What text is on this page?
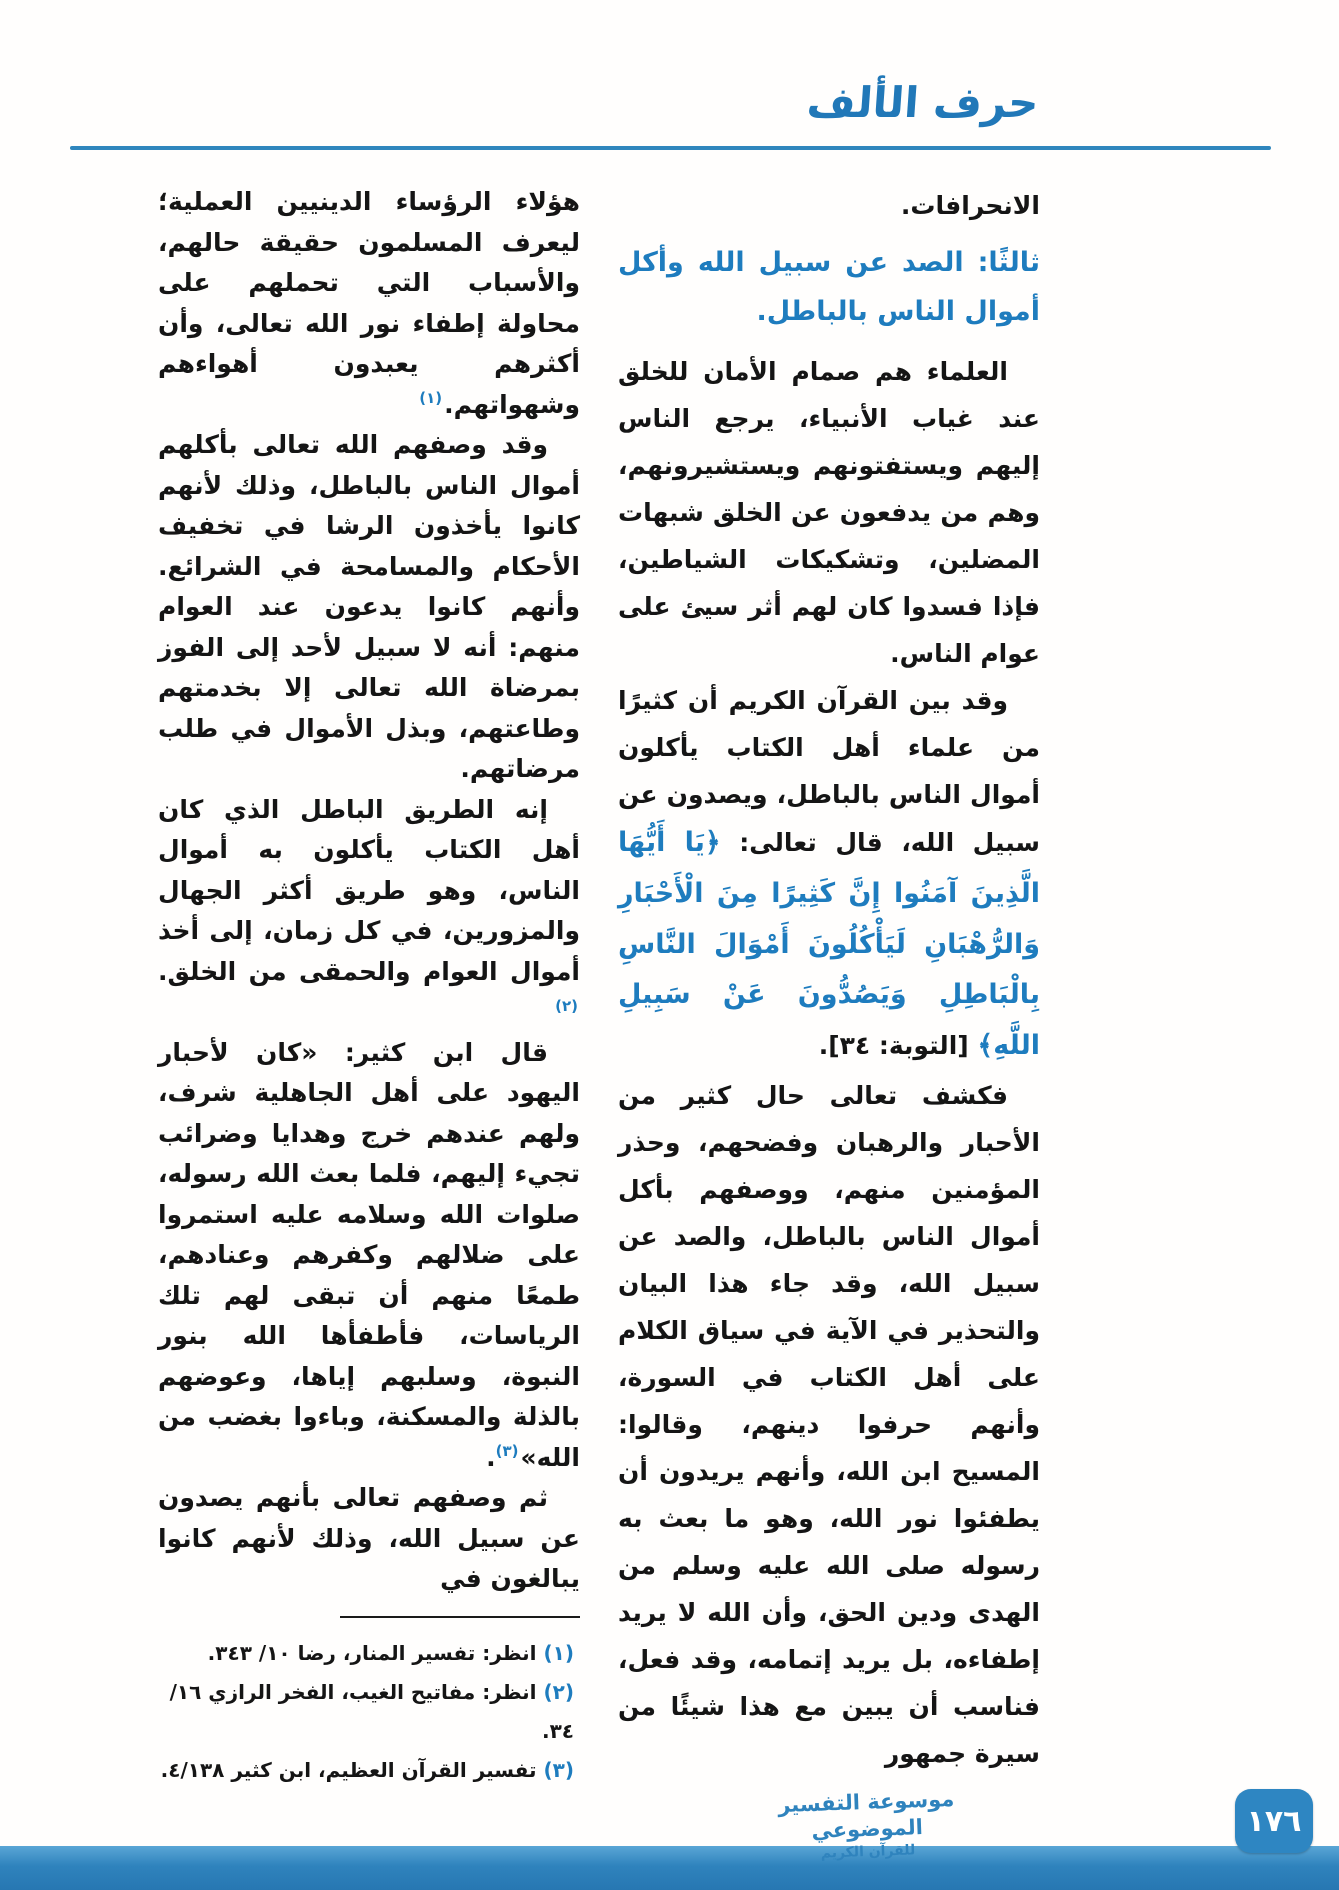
حرف الألف

الانحرافات.

ثالثًا: الصد عن سبيل الله وأكل أموال الناس بالباطل.

العلماء هم صمام الأمان للخلق عند غياب الأنبياء، يرجع الناس إليهم ويستفتونهم ويستشيرونهم، وهم من يدفعون عن الخلق شبهات المضلين، وتشكيكات الشياطين، فإذا فسدوا كان لهم أثر سيئ على عوام الناس.

وقد بين القرآن الكريم أن كثيرًا من علماء أهل الكتاب يأكلون أموال الناس بالباطل، ويصدون عن سبيل الله، قال تعالى: ﴿يَا أَيُّهَا الَّذِينَ آمَنُوا إِنَّ كَثِيرًا مِنَ الْأَحْبَارِ وَالرُّهْبَانِ لَيَأْكُلُونَ أَمْوَالَ النَّاسِ بِالْبَاطِلِ وَيَصُدُّونَ عَنْ سَبِيلِ اللَّهِ﴾ [التوبة: ٣٤].

فكشف تعالى حال كثير من الأحبار والرهبان وفضحهم، وحذر المؤمنين منهم، ووصفهم بأكل أموال الناس بالباطل، والصد عن سبيل الله، وقد جاء هذا البيان والتحذير في الآية في سياق الكلام على أهل الكتاب في السورة، وأنهم حرفوا دينهم، وقالوا: المسيح ابن الله، وأنهم يريدون أن يطفئوا نور الله، وهو ما بعث به رسوله صلى الله عليه وسلم من الهدى ودين الحق، وأن الله لا يريد إطفاءه، بل يريد إتمامه، وقد فعل، فناسب أن يبين مع هذا شيئًا من سيرة جمهور

هؤلاء الرؤساء الدينيين العملية؛ ليعرف المسلمون حقيقة حالهم، والأسباب التي تحملهم على محاولة إطفاء نور الله تعالى، وأن أكثرهم يعبدون أهواءهم وشهواتهم.$^{(١)}$

وقد وصفهم الله تعالى بأكلهم أموال الناس بالباطل، وذلك لأنهم كانوا يأخذون الرشا في تخفيف الأحكام والمسامحة في الشرائع. وأنهم كانوا يدعون عند العوام منهم: أنه لا سبيل لأحد إلى الفوز بمرضاة الله تعالى إلا بخدمتهم وطاعتهم، وبذل الأموال في طلب مرضاتهم.

إنه الطريق الباطل الذي كان أهل الكتاب يأكلون به أموال الناس، وهو طريق أكثر الجهال والمزورين، في كل زمان، إلى أخذ أموال العوام والحمقى من الخلق.$^{(٢)}$

قال ابن كثير: «كان لأحبار اليهود على أهل الجاهلية شرف، ولهم عندهم خرج وهدايا وضرائب تجيء إليهم، فلما بعث الله رسوله، صلوات الله وسلامه عليه استمروا على ضلالهم وكفرهم وعنادهم، طمعًا منهم أن تبقى لهم تلك الرياسات، فأطفأها الله بنور النبوة، وسلبهم إياها، وعوضهم بالذلة والمسكنة، وباءوا بغضب من الله»$^{(٣)}$.

ثم وصفهم تعالى بأنهم يصدون عن سبيل الله، وذلك لأنهم كانوا يبالغون في

(١) انظر: تفسير المنار، رضا ١٠/ ٣٤٣.
(٢) انظر: مفاتيح الغيب، الفخر الرازي ١٦/ ٣٤.
(٣) تفسير القرآن العظيم، ابن كثير ٤/١٣٨.
موسوعة التفسير الموضوعي
للقرآن الكريم
١٧٦
